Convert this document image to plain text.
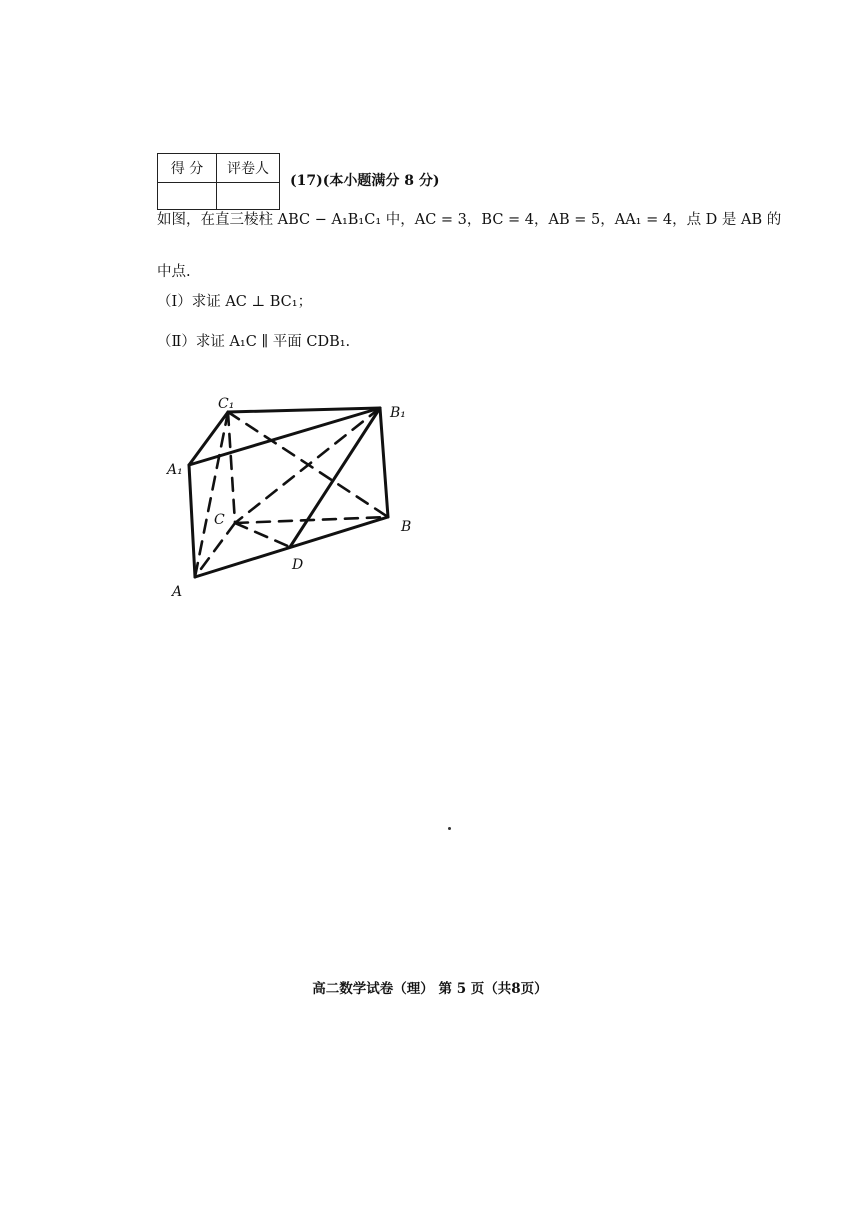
得 分	评卷人

(17)(本小题满分 8 分)
如图，在直三棱柱 ABC − A₁B₁C₁ 中，AC = 3，BC = 4，AB = 5，AA₁ = 4，点 D 是 AB 的
中点.
（Ⅰ）求证 AC ⊥ BC₁；
（Ⅱ）求证 A₁C ∥ 平面 CDB₁.
C₁
B₁
A₁
C	B
D
A
高二数学试卷（理） 第 5 页（共8页）
